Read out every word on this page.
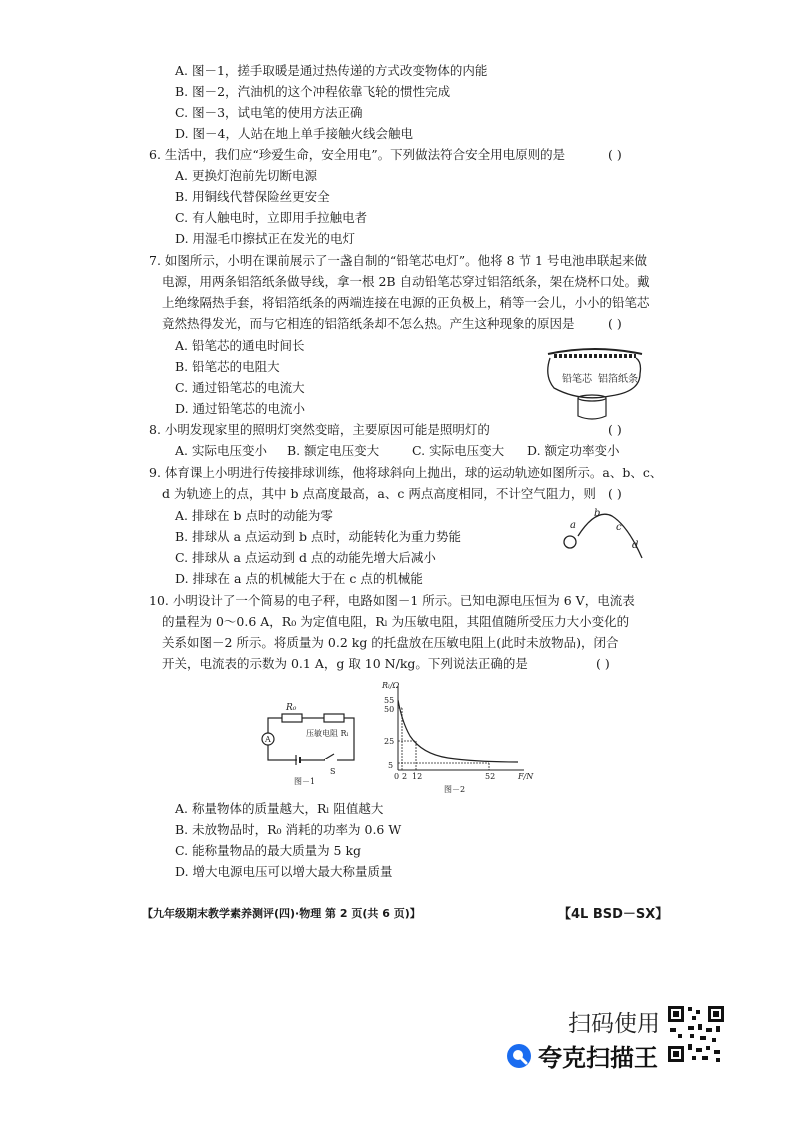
A. 图－1，搓手取暖是通过热传递的方式改变物体的内能
B. 图－2，汽油机的这个冲程依靠飞轮的惯性完成
C. 图－3，试电笔的使用方法正确
D. 图－4，人站在地上单手接触火线会触电
6. 生活中，我们应“珍爱生命，安全用电”。下列做法符合安全用电原则的是	( )
A. 更换灯泡前先切断电源
B. 用铜线代替保险丝更安全
C. 有人触电时，立即用手拉触电者
D. 用湿毛巾擦拭正在发光的电灯
7. 如图所示，小明在课前展示了一盏自制的“铅笔芯电灯”。他将 8 节 1 号电池串联起来做
电源，用两条铝箔纸条做导线，拿一根 2B 自动铅笔芯穿过铝箔纸条，架在烧杯口处。戴
上绝缘隔热手套，将铝箔纸条的两端连接在电源的正负极上，稍等一会儿，小小的铅笔芯
竟然热得发光，而与它相连的铝箔纸条却不怎么热。产生这种现象的原因是	( )
A. 铅笔芯的通电时间长
B. 铅笔芯的电阻大
C. 通过铅笔芯的电流大
D. 通过铅笔芯的电流小
铅笔芯 铝箔纸条
8. 小明发现家里的照明灯突然变暗，主要原因可能是照明灯的	( )
A. 实际电压变小 B. 额定电压变大	C. 实际电压变大 D. 额定功率变小
9. 体育课上小明进行传接排球训练，他将球斜向上抛出，球的运动轨迹如图所示。a、b、c、
d 为轨迹上的点，其中 b 点高度最高，a、c 两点高度相同，不计空气阻力，则 ( )
A. 排球在 b 点时的动能为零
B. 排球从 a 点运动到 b 点时，动能转化为重力势能
C. 排球从 a 点运动到 d 点的动能先增大后减小
D. 排球在 a 点的机械能大于在 c 点的机械能
a
b
c
d
10. 小明设计了一个简易的电子秤，电路如图－1 所示。已知电源电压恒为 6 V，电流表
的量程为 0～0.6 A，R₀ 为定值电阻，Rₗ 为压敏电阻，其阻值随所受压力大小变化的
关系如图－2 所示。将质量为 0.2 kg 的托盘放在压敏电阻上(此时未放物品)，闭合
开关，电流表的示数为 0.1 A，g 取 10 N/kg。下列说法正确的是	( )
R₀
压敏电阻 Rₗ
A
S
图－1
Rₗ/Ω
F/N
55
50
25
5
0 2 12	52
图－2
A. 称量物体的质量越大，Rₗ 阻值越大
B. 未放物品时，R₀ 消耗的功率为 0.6 W
C. 能称量物品的最大质量为 5 kg
D. 增大电源电压可以增大最大称量质量
【九年级期末教学素养测评(四)·物理 第 2 页(共 6 页)】	【4L BSD－SX】
扫码使用
夸克扫描王
